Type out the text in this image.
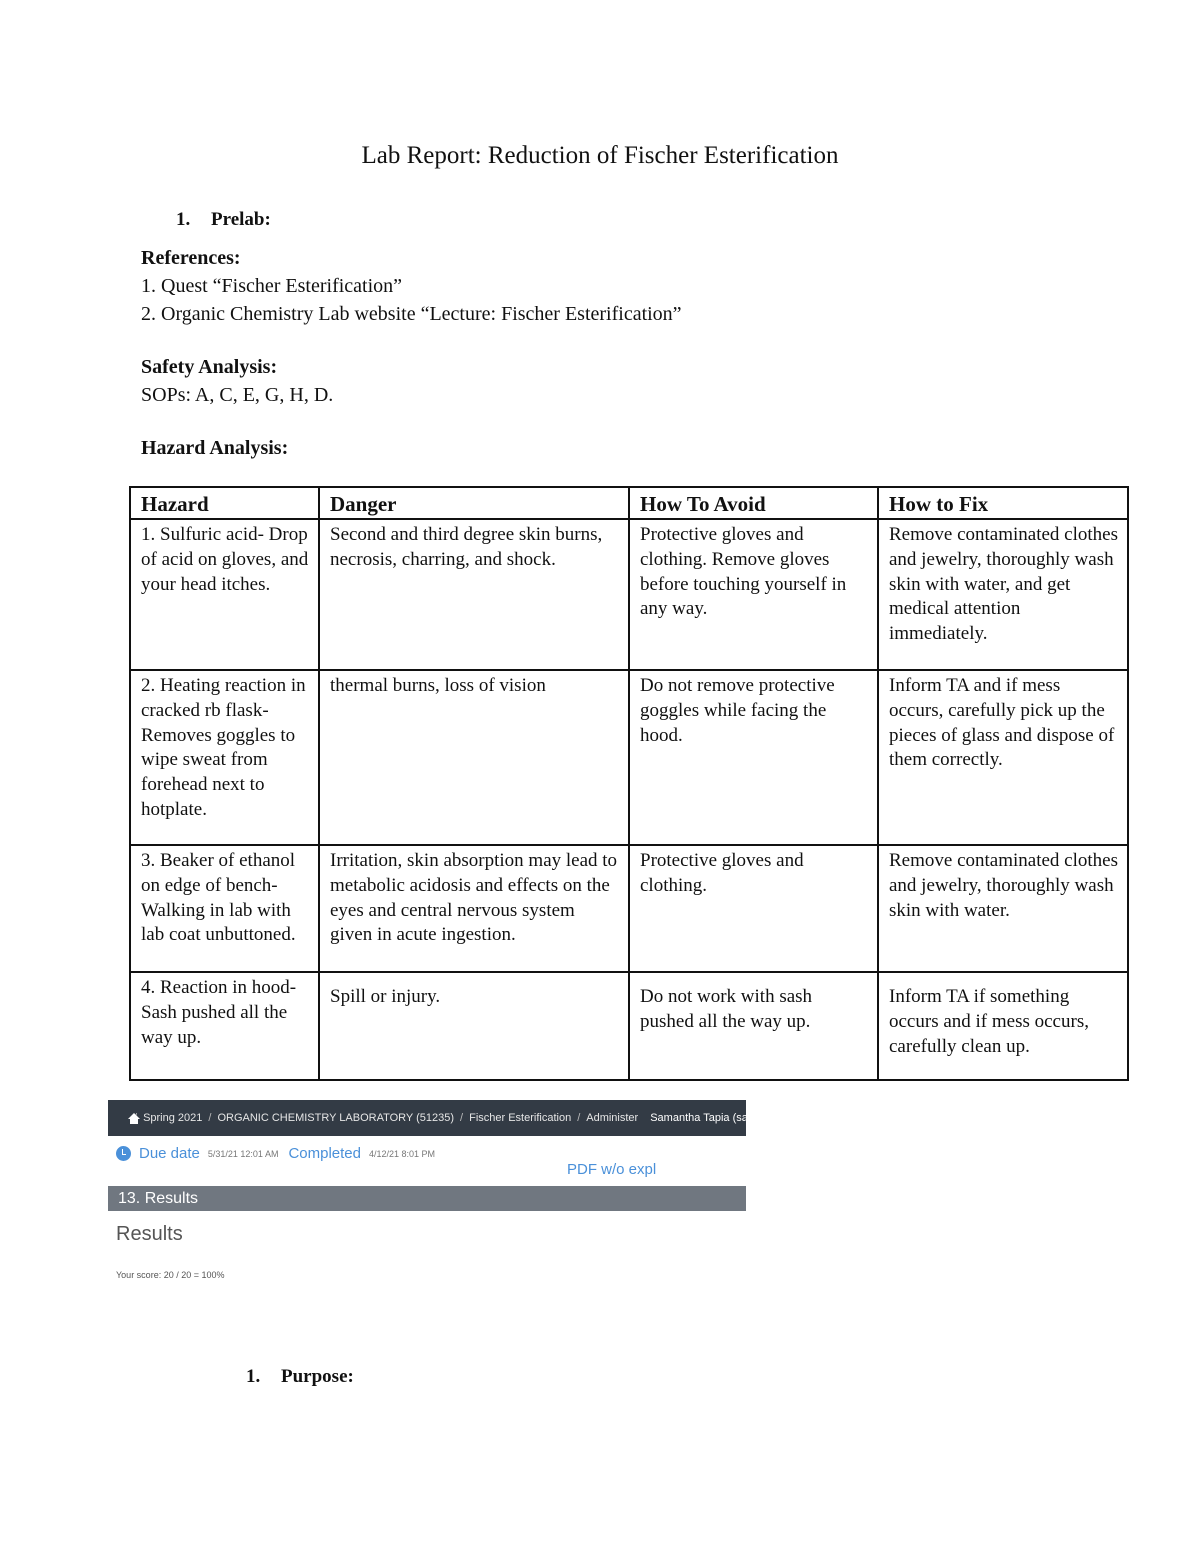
Lab Report: Reduction of Fischer Esterification
1. Prelab:
References:
1. Quest “Fischer Esterification”
2. Organic Chemistry Lab website “Lecture: Fischer Esterification”
Safety Analysis:
SOPs: A, C, E, G, H, D.
Hazard Analysis:
Hazard	Danger	How To Avoid	How to Fix
1. Sulfuric acid- Drop of acid on gloves, and your head itches.	Second and third degree skin burns, necrosis, charring, and shock.	Protective gloves and clothing. Remove gloves before touching yourself in any way.	Remove contaminated clothes and jewelry, thoroughly wash skin with water, and get medical attention immediately.
2. Heating reaction in cracked rb flask- Removes goggles to wipe sweat from forehead next to hotplate.	thermal burns, loss of vision	Do not remove protective goggles while facing the hood.	Inform TA and if mess occurs, carefully pick up the pieces of glass and dispose of them correctly.
3. Beaker of ethanol on edge of bench- Walking in lab with lab coat unbuttoned.	Irritation, skin absorption may lead to metabolic acidosis and effects on the eyes and central nervous system given in acute ingestion.	Protective gloves and clothing.	Remove contaminated clothes and jewelry, thoroughly wash skin with water.
4. Reaction in hood- Sash pushed all the way up.	Spill or injury.	Do not work with sash pushed all the way up.	Inform TA if something occurs and if mess occurs, carefully clean up.
/ Spring 2021 / ORGANIC CHEMISTRY LABORATORY (51235) / Fischer Esterification / Administer Samantha Tapia (sat3224)
Due date 5/31/21 12:01 AM Completed 4/12/21 8:01 PM
PDF w/o expl
13. Results
Results
Your score: 20 / 20 = 100%
1. Purpose:
